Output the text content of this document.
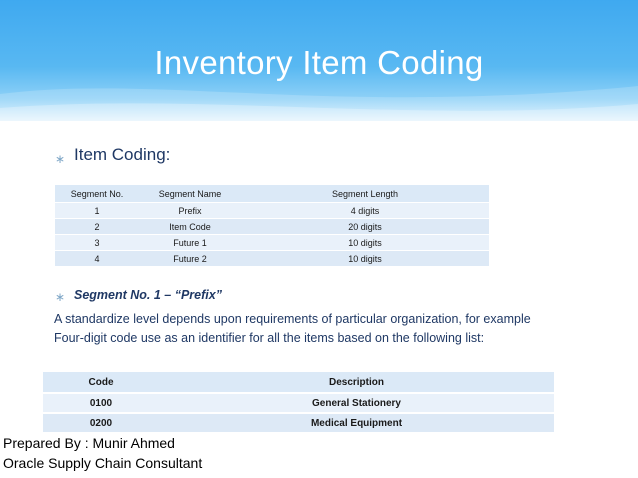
Inventory Item Coding
∗ Item Coding:
Segment No.	Segment Name	Segment Length
1	Prefix	4 digits
2	Item Code	20 digits
3	Future 1	10 digits
4	Future 2	10 digits
∗ Segment No. 1 – “Prefix”
A standardize level depends upon requirements of particular organization, for example Four-digit code use as an identifier for all the items based on the following list:
Code	Description
0100	General Stationery
0200	Medical Equipment
Prepared By : Munir Ahmed
Oracle Supply Chain Consultant
